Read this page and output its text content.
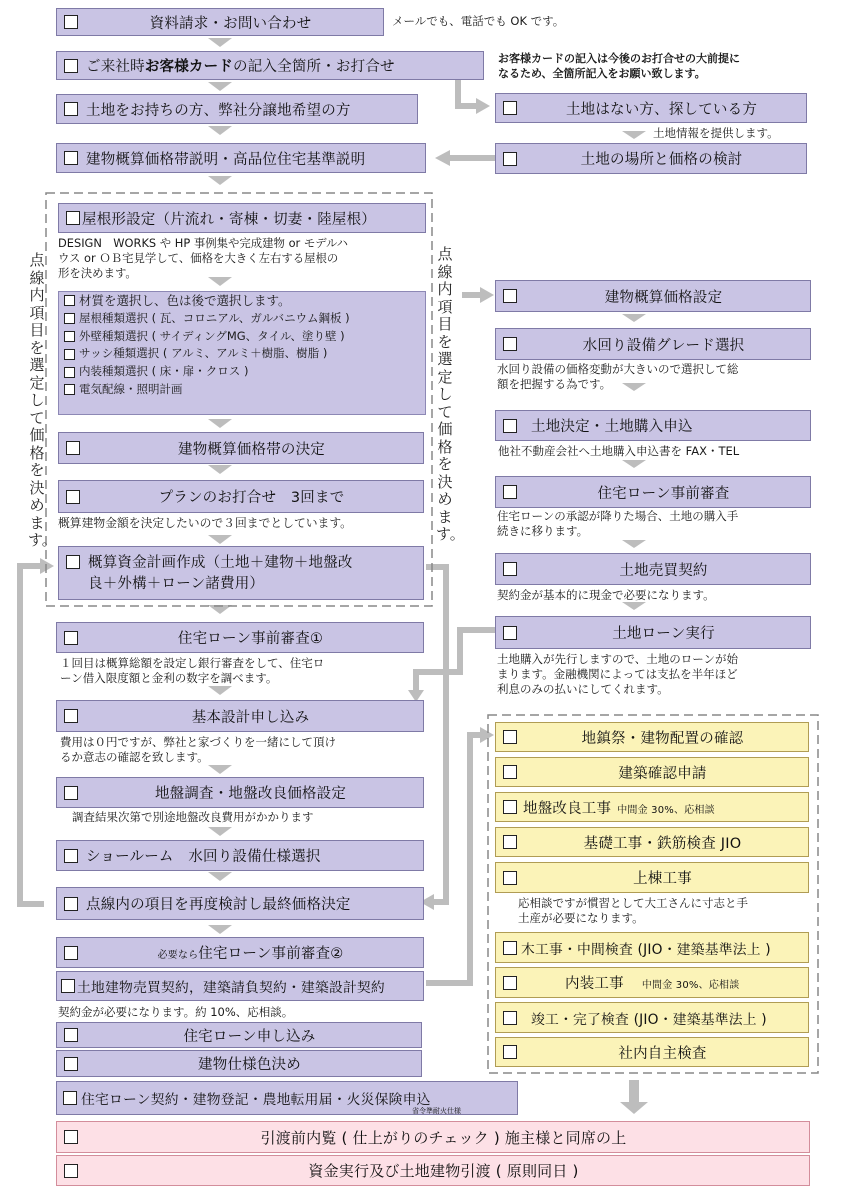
資料請求・お問い合わせ	メールでも、電話でも OK です。
ご来社時お客様カードの記入全箇所・お打合せ
お客様カードの記入は今後のお打合せの大前提に
なるため、全箇所記入をお願い致します。
土地をお持ちの方、弊社分譲地希望の方
建物概算価格帯説明・高品位住宅基準説明
屋根形設定（片流れ・寄棟・切妻・陸屋根）
DESIGN　WORKS や HP 事例集や完成建物 or モデルハ
ウス or ＯＢ宅見学して、価格を大きく左右する屋根の
形を決めます。
材質を選択し、色は後で選択します。
屋根種類選択 ( 瓦、コロニアル、ガルバニウム鋼板 )
外壁種類選択 ( サイディングMG、タイル、塗り壁 )
サッシ種類選択 ( アルミ、アルミ＋樹脂、樹脂 )
内装種類選択 ( 床・扉・クロス )
電気配線・照明計画
建物概算価格帯の決定
プランのお打合せ　3回まで
概算建物金額を決定したいので３回までとしています。
概算資金計画作成（土地＋建物＋地盤改
良＋外構＋ローン諸費用）
住宅ローン事前審査①
１回目は概算総額を設定し銀行審査をして、住宅ロ
ーン借入限度額と金利の数字を調べます。
基本設計申し込み
費用は０円ですが、弊社と家づくりを一緒にして頂け
るか意志の確認を致します。
地盤調査・地盤改良価格設定
調査結果次第で別途地盤改良費用がかかります
ショールーム　水回り設備仕様選択
点線内の項目を再度検討し最終価格決定
必要なら住宅ローン事前審査②
土地建物売買契約，建築請負契約・建築設計契約
契約金が必要になります。約 10%、応相談。
住宅ローン申し込み
建物仕様色決め
住宅ローン契約・建物登記・農地転用届・火災保険申込
省令準耐火仕様
点線内項目を選定して価格を決めます。
点線内項目を選定して価格を決めます。
土地はない方、探している方
土地情報を提供します。
土地の場所と価格の検討
建物概算価格設定
水回り設備グレード選択
水回り設備の価格変動が大きいので選択して総
額を把握する為です。
土地決定・土地購入申込
他社不動産会社へ土地購入申込書を FAX・TEL
住宅ローン事前審査
住宅ローンの承認が降りた場合、土地の購入手
続きに移ります。
土地売買契約
契約金が基本的に現金で必要になります。
土地ローン実行
土地購入が先行しますので、土地のローンが始
まります。金融機関によっては支払を半年ほど
利息のみの払いにしてくれます。
地鎮祭・建物配置の確認
建築確認申請
地盤改良工事 中間金 30%、応相談
基礎工事・鉄筋検査 JIO
上棟工事
応相談ですが慣習として大工さんに寸志と手
土産が必要になります。
木工事・中間検査 (JIO・建築基準法上 )
内装工事 中間金 30%、応相談
竣工・完了検査 (JIO・建築基準法上 )
社内自主検査
引渡前内覧 ( 仕上がりのチェック ) 施主様と同席の上
資金実行及び土地建物引渡 ( 原則同日 )
